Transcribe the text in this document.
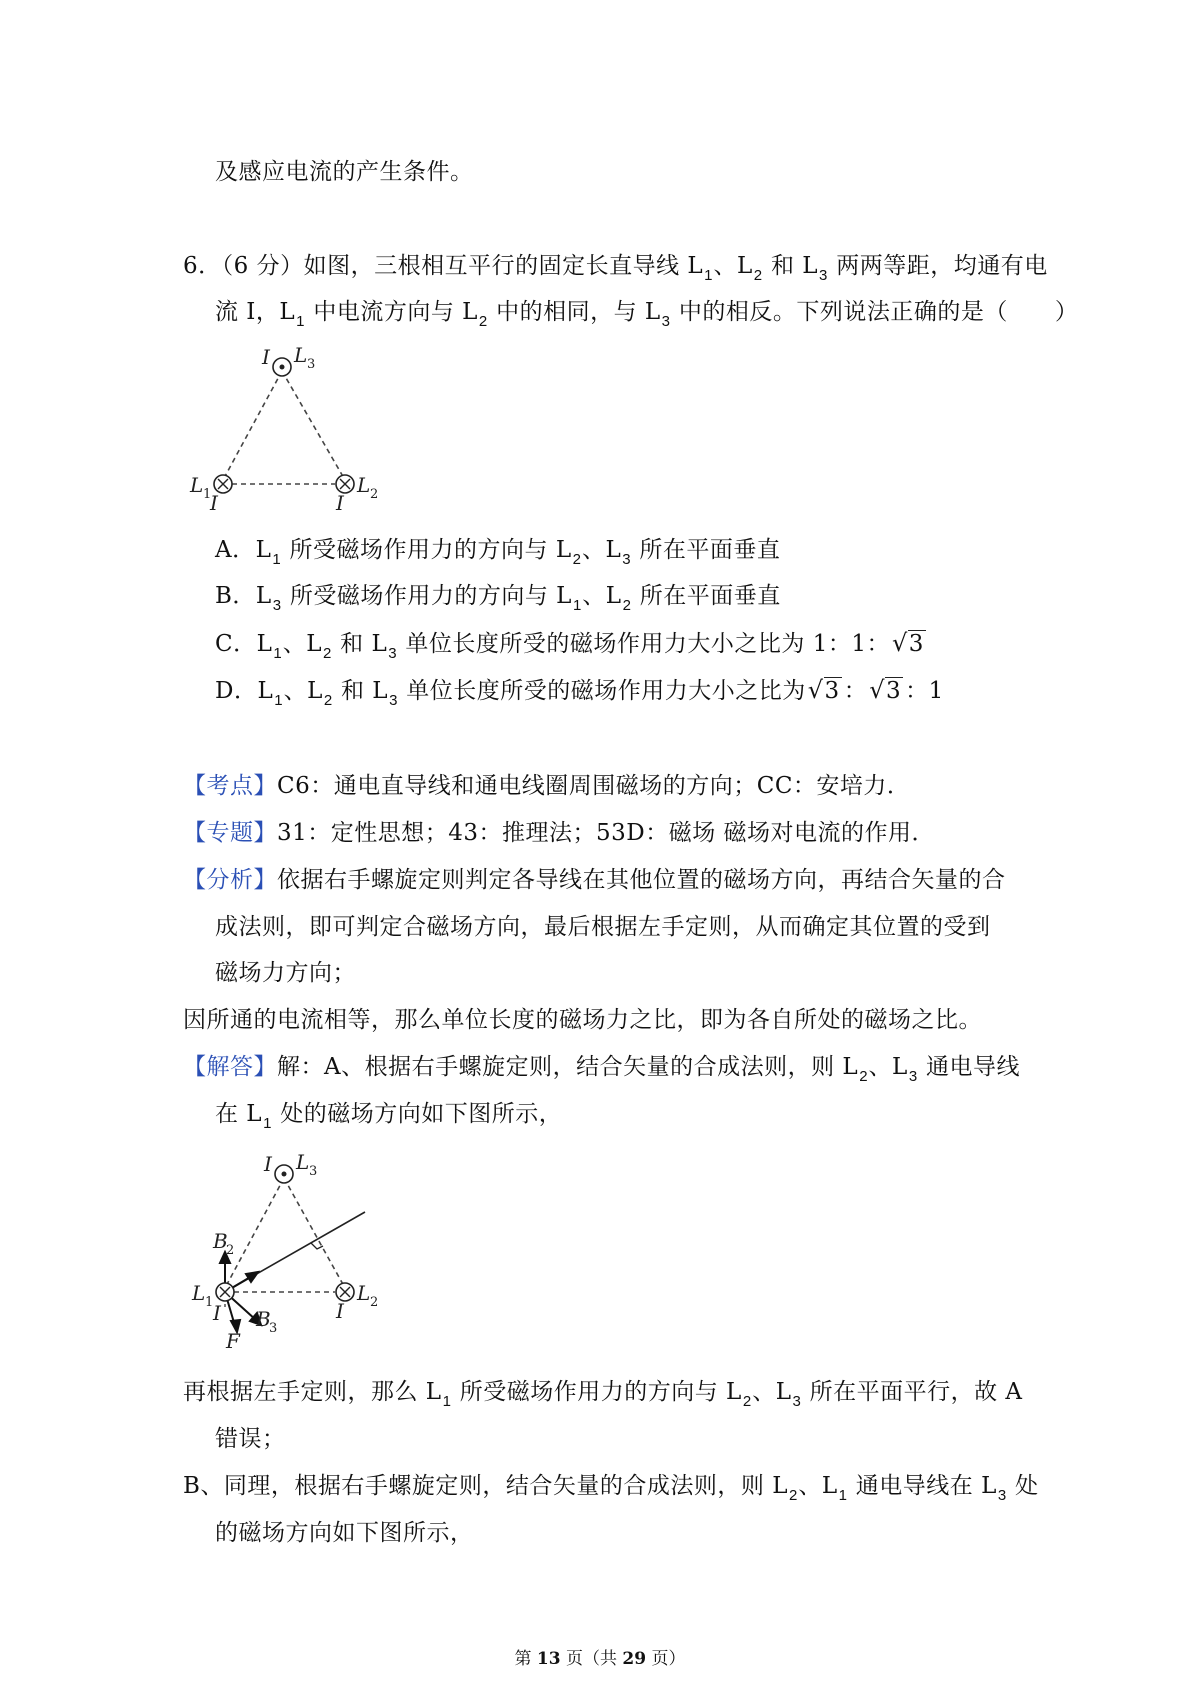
及感应电流的产生条件。
6．（6 分）如图，三根相互平行的固定长直导线 $L_1$、$L_2$ 和 $L_3$ 两两等距，均通有电
流 I，$L_1$ 中电流方向与 $L_2$ 中的相同，与 $L_3$ 中的相反。下列说法正确的是（　　）
I L 3
L 1
I
L 2
I
A．$L_1$ 所受磁场作用力的方向与 $L_2$、$L_3$ 所在平面垂直
B．$L_3$ 所受磁场作用力的方向与 $L_1$、$L_2$ 所在平面垂直
C．$L_1$、$L_2$ 和 $L_3$ 单位长度所受的磁场作用力大小之比为 1：1：√3
D．$L_1$、$L_2$ 和 $L_3$ 单位长度所受的磁场作用力大小之比为√3 ：√3 ：1
【考点】C6：通电直导线和通电线圈周围磁场的方向；CC：安培力．
【专题】31：定性思想；43：推理法；53D：磁场 磁场对电流的作用．
【分析】依据右手螺旋定则判定各导线在其他位置的磁场方向，再结合矢量的合
成法则，即可判定合磁场方向，最后根据左手定则，从而确定其位置的受到
磁场力方向；
因所通的电流相等，那么单位长度的磁场力之比，即为各自所处的磁场之比。
【解答】解：A、根据右手螺旋定则，结合矢量的合成法则，则 $L_2$、$L_3$ 通电导线
在 $L_1$ 处的磁场方向如下图所示，
I L 3
L 1 I
L 2
I
B
2
B
3
F
再根据左手定则，那么 $L_1$ 所受磁场作用力的方向与 $L_2$、$L_3$ 所在平面平行，故 A
错误；
B、同理，根据右手螺旋定则，结合矢量的合成法则，则 $L_2$、$L_1$ 通电导线在 $L_3$ 处
的磁场方向如下图所示，
第 13 页（共 29 页）
